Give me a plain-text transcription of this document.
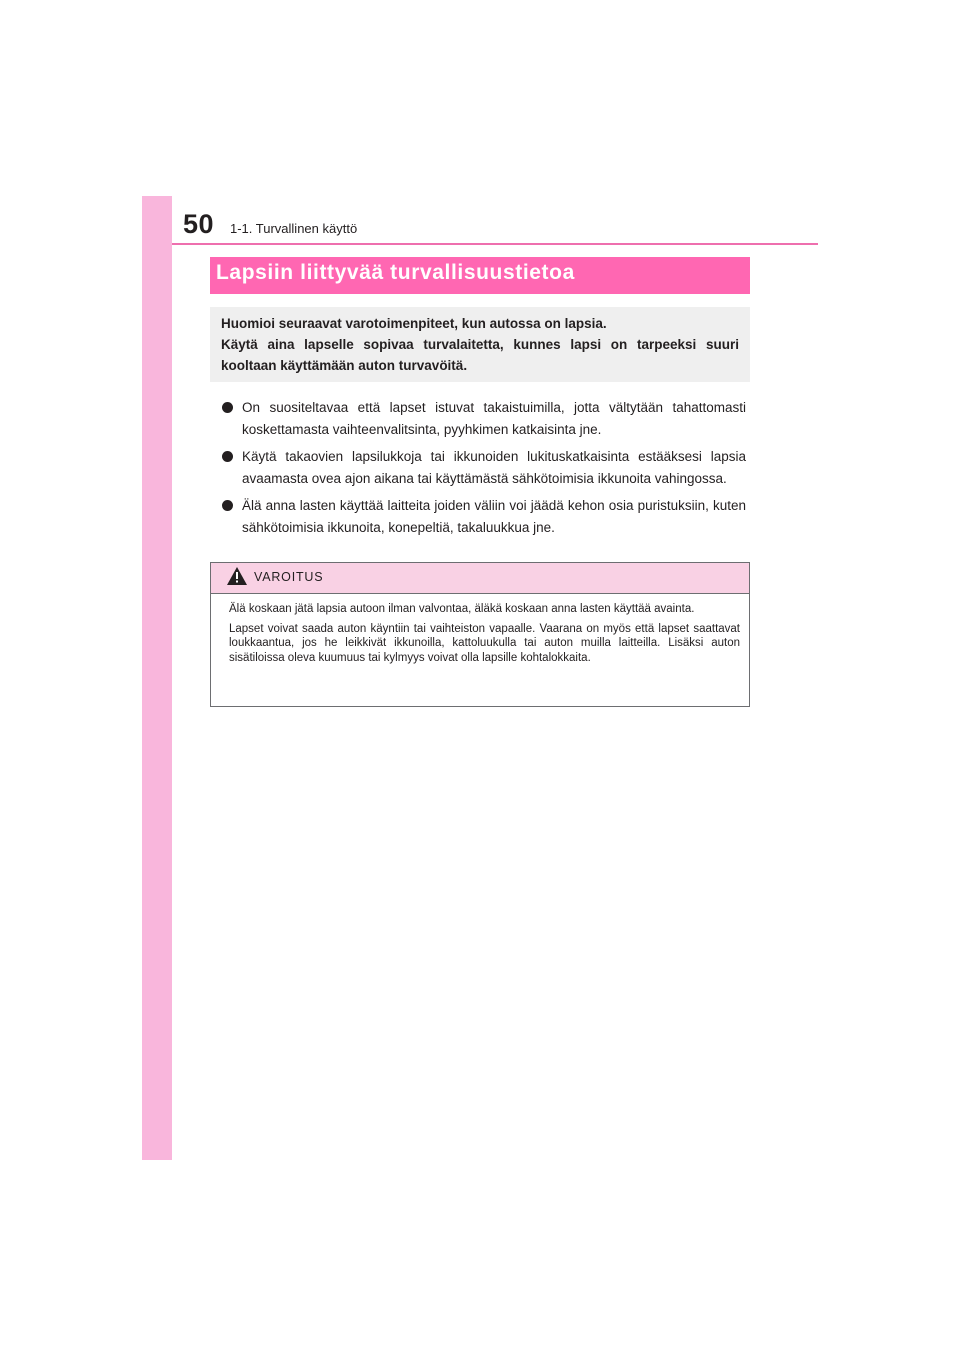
50 1-1. Turvallinen käyttö
Lapsiin liittyvää turvallisuustietoa

Huomioi seuraavat varotoimenpiteet, kun autossa on lapsia.

Käytä aina lapselle sopivaa turvalaitetta, kunnes lapsi on tarpeeksi suuri kooltaan käyttämään auton turvavöitä.

On suositeltavaa että lapset istuvat takaistuimilla, jotta vältytään tahattomasti koskettamasta vaihteenvalitsinta, pyyhkimen katkaisinta jne.
Käytä takaovien lapsilukkoja tai ikkunoiden lukituskatkaisinta estääksesi lapsia avaamasta ovea ajon aikana tai käyttämästä sähkötoimisia ikkunoita vahingossa.
Älä anna lasten käyttää laitteita joiden väliin voi jäädä kehon osia puristuksiin, kuten sähkötoimisia ikkunoita, konepeltiä, takaluukkua jne.
VAROITUS

Älä koskaan jätä lapsia autoon ilman valvontaa, äläkä koskaan anna lasten käyttää avainta.

Lapset voivat saada auton käyntiin tai vaihteiston vapaalle. Vaarana on myös että lapset saattavat loukkaantua, jos he leikkivät ikkunoilla, kattoluukulla tai auton muilla laitteilla. Lisäksi auton sisätiloissa oleva kuumuus tai kylmyys voivat olla lapsille kohtalokkaita.
